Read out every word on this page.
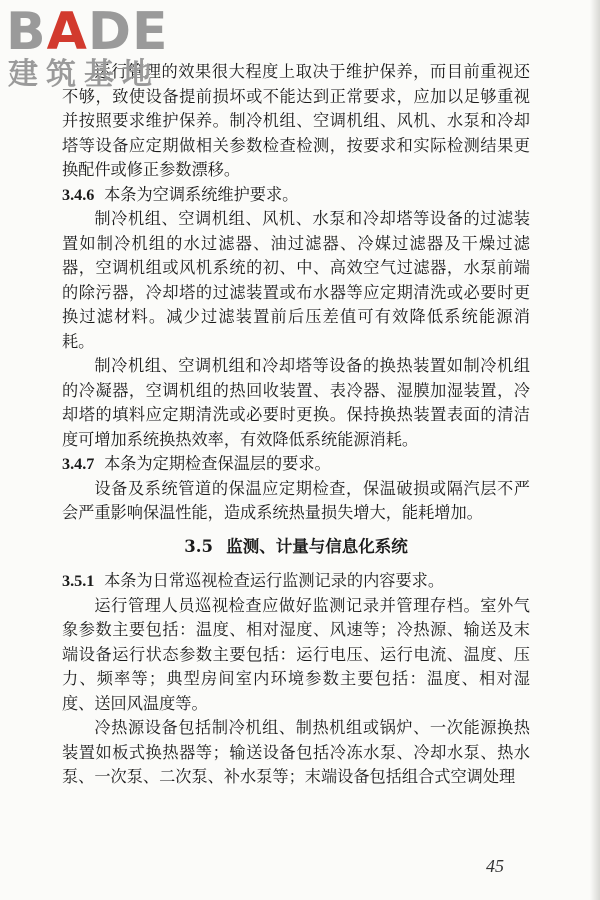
BADE
建筑基地

运行管理的效果很大程度上取决于维护保养，而目前重视还不够，致使设备提前损坏或不能达到正常要求，应加以足够重视并按照要求维护保养。制冷机组、空调机组、风机、水泵和冷却塔等设备应定期做相关参数检查检测，按要求和实际检测结果更换配件或修正参数漂移。

3.4.6 本条为空调系统维护要求。

制冷机组、空调机组、风机、水泵和冷却塔等设备的过滤装置如制冷机组的水过滤器、油过滤器、冷媒过滤器及干燥过滤器，空调机组或风机系统的初、中、高效空气过滤器，水泵前端的除污器，冷却塔的过滤装置或布水器等应定期清洗或必要时更换过滤材料。减少过滤装置前后压差值可有效降低系统能源消耗。

制冷机组、空调机组和冷却塔等设备的换热装置如制冷机组的冷凝器，空调机组的热回收装置、表冷器、湿膜加湿装置，冷却塔的填料应定期清洗或必要时更换。保持换热装置表面的清洁度可增加系统换热效率，有效降低系统能源消耗。

3.4.7 本条为定期检查保温层的要求。

设备及系统管道的保温应定期检查，保温破损或隔汽层不严会严重影响保温性能，造成系统热量损失增大，能耗增加。

3.5 监测、计量与信息化系统

3.5.1 本条为日常巡视检查运行监测记录的内容要求。

运行管理人员巡视检查应做好监测记录并管理存档。室外气象参数主要包括：温度、相对湿度、风速等；冷热源、输送及末端设备运行状态参数主要包括：运行电压、运行电流、温度、压力、频率等；典型房间室内环境参数主要包括：温度、相对湿度、送回风温度等。

冷热源设备包括制冷机组、制热机组或锅炉、一次能源换热装置如板式换热器等；输送设备包括冷冻水泵、冷却水泵、热水泵、一次泵、二次泵、补水泵等；末端设备包括组合式空调处理

45
